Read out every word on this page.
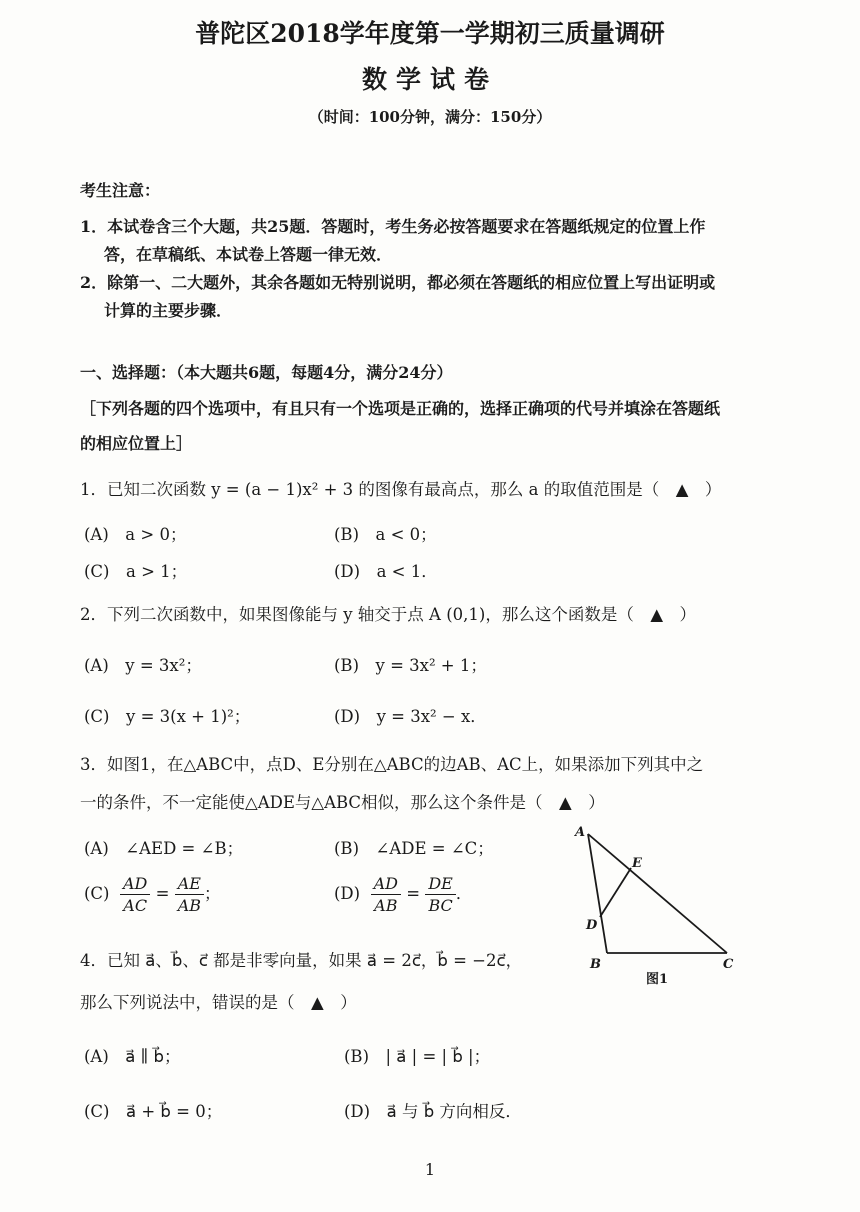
普陀区2018学年度第一学期初三质量调研
数学试卷
（时间：100分钟，满分：150分）
考生注意：
1．本试卷含三个大题，共25题．答题时，考生务必按答题要求在答题纸规定的位置上作
答，在草稿纸、本试卷上答题一律无效．
2．除第一、二大题外，其余各题如无特别说明，都必须在答题纸的相应位置上写出证明或
计算的主要步骤．
一、选择题：（本大题共6题，每题4分，满分24分）
［下列各题的四个选项中，有且只有一个选项是正确的，选择正确项的代号并填涂在答题纸
的相应位置上］
1．已知二次函数 y = (a − 1)x² + 3 的图像有最高点，那么 a 的取值范围是（　▲　）
(A)　a > 0；	(B)　a < 0；
(C)　a > 1；	(D)　a < 1．
2．下列二次函数中，如果图像能与 y 轴交于点 A (0,1)，那么这个函数是（　▲　）
(A)　y = 3x²；	(B)　y = 3x² + 1；
(C)　y = 3(x + 1)²；	(D)　y = 3x² − x．
3．如图1，在△ABC中，点D、E分别在△ABC的边AB、AC上，如果添加下列其中之
一的条件，不一定能使△ADE与△ABC相似，那么这个条件是（　▲　）
(A)　∠AED = ∠B；	(B)　∠ADE = ∠C；
$(C) \frac{AD}{AC} = \frac{AE}{AB}$ ；	$(D) \frac{AD}{AB} = \frac{DE}{BC}$ ．
A
D
E
B	C
图1
4．已知 a⃗、b⃗、c⃗ 都是非零向量，如果 a⃗ = 2c⃗，b⃗ = −2c⃗，
那么下列说法中，错误的是（　▲　）
(A)　a⃗ ∥ b⃗；	(B)　| a⃗ | = | b⃗ |；
(C)　a⃗ + b⃗ = 0；	(D)　a⃗ 与 b⃗ 方向相反．
1
